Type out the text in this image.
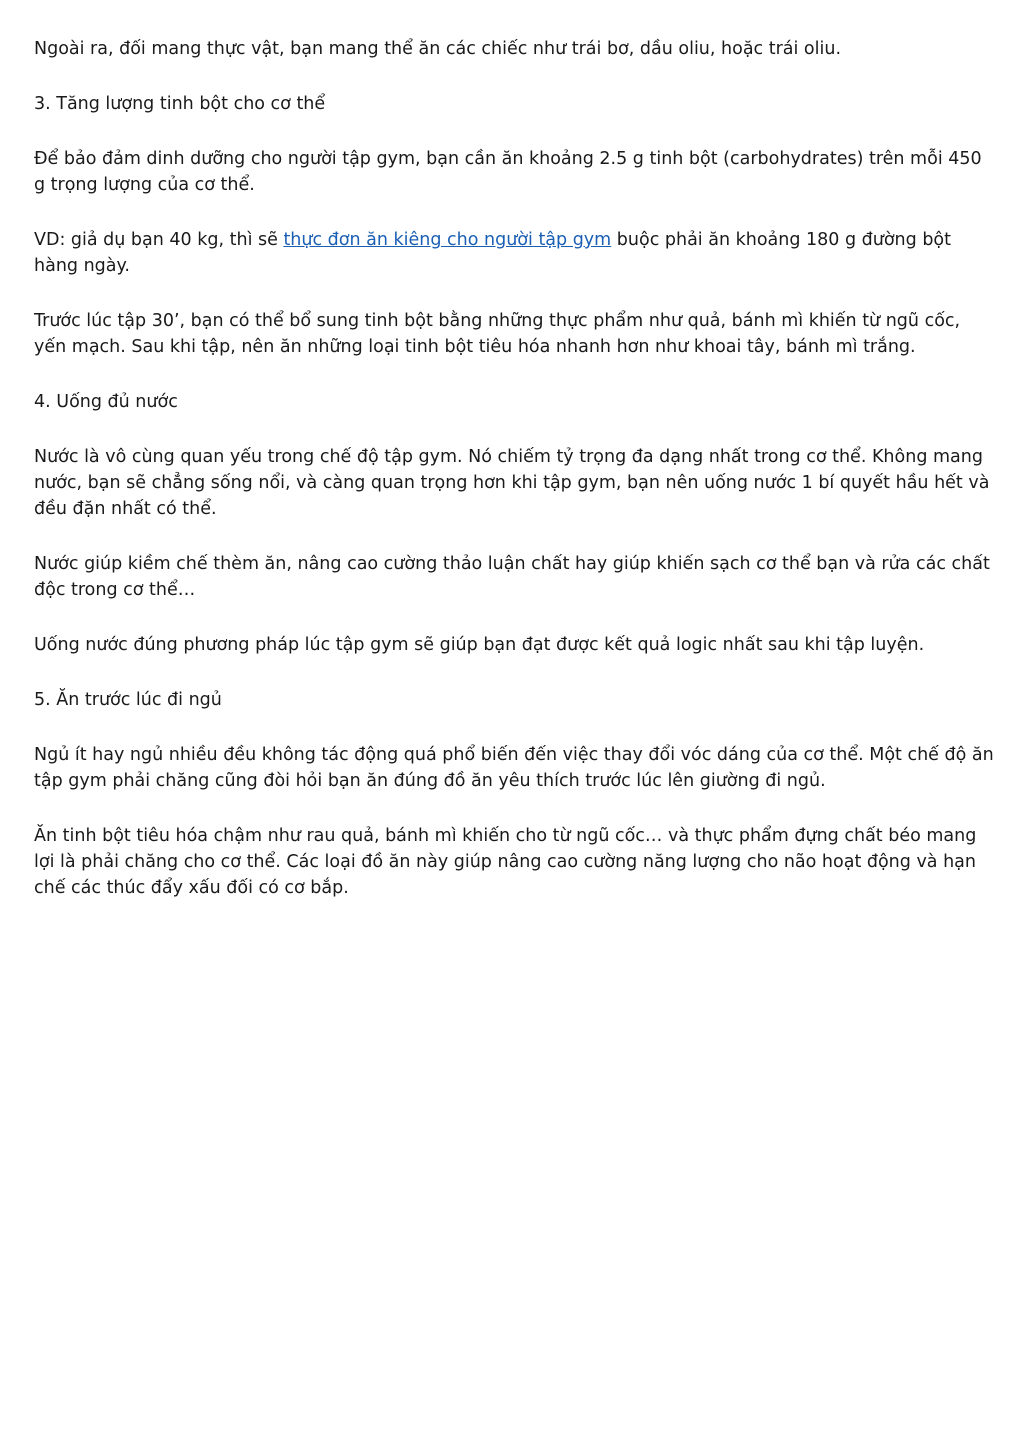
Ngoài ra, đối mang thực vật, bạn mang thể ăn các chiếc như trái bơ, dầu oliu, hoặc trái oliu.

3. Tăng lượng tinh bột cho cơ thể

Để bảo đảm dinh dưỡng cho người tập gym, bạn cần ăn khoảng 2.5 g tinh bột (carbohydrates) trên mỗi 450 g trọng lượng của cơ thể.

VD: giả dụ bạn 40 kg, thì sẽ thực đơn ăn kiêng cho người tập gym buộc phải ăn khoảng 180 g đường bột hàng ngày.

Trước lúc tập 30’, bạn có thể bổ sung tinh bột bằng những thực phẩm như quả, bánh mì khiến từ ngũ cốc, yến mạch. Sau khi tập, nên ăn những loại tinh bột tiêu hóa nhanh hơn như khoai tây, bánh mì trắng.

4. Uống đủ nước

Nước là vô cùng quan yếu trong chế độ tập gym. Nó chiếm tỷ trọng đa dạng nhất trong cơ thể. Không mang nước, bạn sẽ chẳng sống nổi, và càng quan trọng hơn khi tập gym, bạn nên uống nước 1 bí quyết hầu hết và đều đặn nhất có thể.

Nước giúp kiềm chế thèm ăn, nâng cao cường thảo luận chất hay giúp khiến sạch cơ thể bạn và rửa các chất độc trong cơ thể…

Uống nước đúng phương pháp lúc tập gym sẽ giúp bạn đạt được kết quả logic nhất sau khi tập luyện.

5. Ăn trước lúc đi ngủ

Ngủ ít hay ngủ nhiều đều không tác động quá phổ biến đến việc thay đổi vóc dáng của cơ thể. Một chế độ ăn tập gym phải chăng cũng đòi hỏi bạn ăn đúng đồ ăn yêu thích trước lúc lên giường đi ngủ.

Ăn tinh bột tiêu hóa chậm như rau quả, bánh mì khiến cho từ ngũ cốc… và thực phẩm đựng chất béo mang lợi là phải chăng cho cơ thể. Các loại đồ ăn này giúp nâng cao cường năng lượng cho não hoạt động và hạn chế các thúc đẩy xấu đối có cơ bắp.
